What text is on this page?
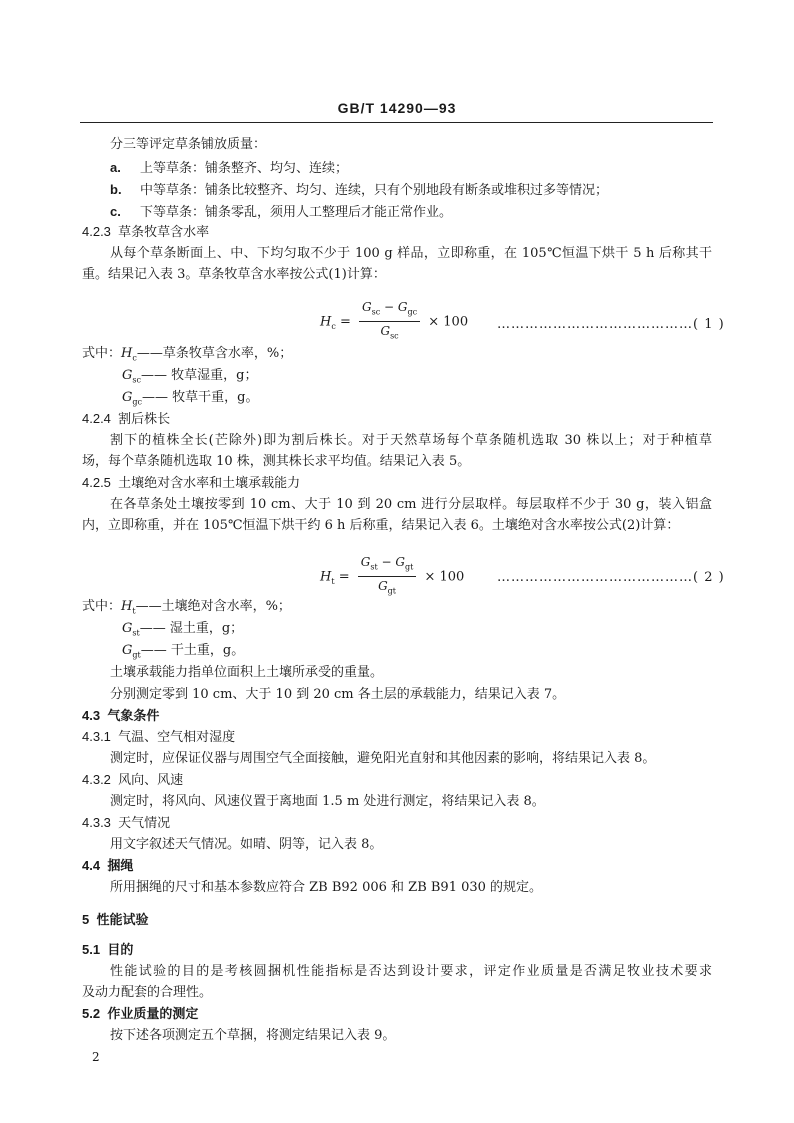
GB/T 14290—93
分三等评定草条铺放质量：
a. 上等草条：铺条整齐、均匀、连续；
b. 中等草条：铺条比较整齐、均匀、连续，只有个别地段有断条或堆积过多等情况；
c. 下等草条：铺条零乱，须用人工整理后才能正常作业。
4.2.3 草条牧草含水率
从每个草条断面上、中、下均匀取不少于 100 g 样品，立即称重，在 105℃恒温下烘干 5 h 后称其干
重。结果记入表 3。草条牧草含水率按公式(1)计算：
$H_c = \frac{G_{sc} - G_{gc}}{G_{sc}} \times 100$ ……………………………………( 1 )
式中：$H_c——$草条牧草含水率，%；
$G_{sc}——$ 牧草湿重，g；
$G_{gc}——$ 牧草干重，g。
4.2.4 割后株长
割下的植株全长(芒除外)即为割后株长。对于天然草场每个草条随机选取 30 株以上；对于种植草
场，每个草条随机选取 10 株，测其株长求平均值。结果记入表 5。
4.2.5 土壤绝对含水率和土壤承载能力
在各草条处土壤按零到 10 cm、大于 10 到 20 cm 进行分层取样。每层取样不少于 30 g，装入铝盒
内，立即称重，并在 105℃恒温下烘干约 6 h 后称重，结果记入表 6。土壤绝对含水率按公式(2)计算：
$H_t = \frac{G_{st} - G_{gt}}{G_{gt}} \times 100$	……………………………………( 2 )
式中：$H_t——$土壤绝对含水率，%；
$G_{st}——$ 湿土重，g；
$G_{gt}——$ 干土重，g。
土壤承载能力指单位面积上土壤所承受的重量。
分别测定零到 10 cm、大于 10 到 20 cm 各土层的承载能力，结果记入表 7。
4.3 气象条件
4.3.1 气温、空气相对湿度
测定时，应保证仪器与周围空气全面接触，避免阳光直射和其他因素的影响，将结果记入表 8。
4.3.2 风向、风速
测定时，将风向、风速仪置于离地面 1.5 m 处进行测定，将结果记入表 8。
4.3.3 天气情况
用文字叙述天气情况。如晴、阴等，记入表 8。
4.4 捆绳
所用捆绳的尺寸和基本参数应符合 ZB B92 006 和 ZB B91 030 的规定。
5 性能试验
5.1 目的
性能试验的目的是考核圆捆机性能指标是否达到设计要求，评定作业质量是否满足牧业技术要求
及动力配套的合理性。
5.2 作业质量的测定
按下述各项测定五个草捆，将测定结果记入表 9。
2
